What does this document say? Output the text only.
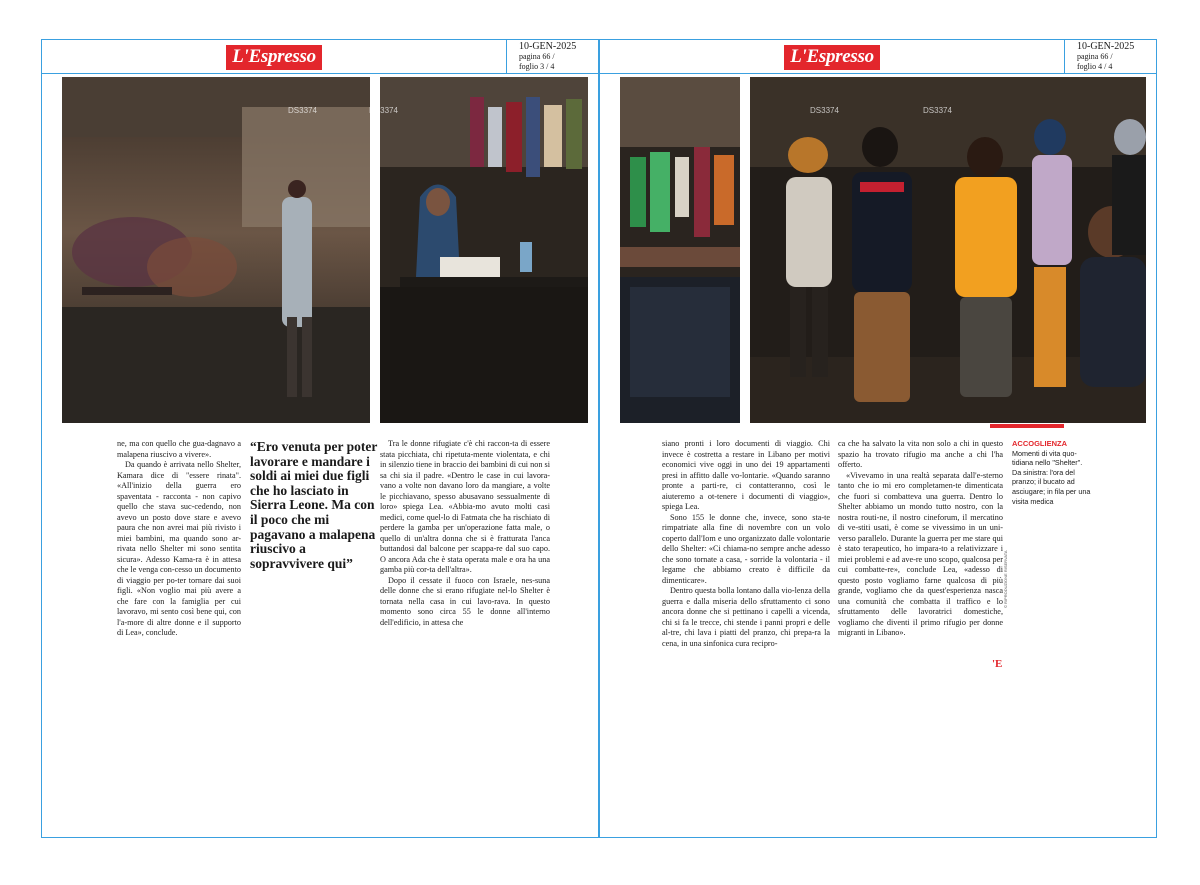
L'Espresso	10-GEN-2025
pagina 66 /
foglio 3 / 4
DS3374	DS3374

ne, ma con quello che gua-dagnavo a malapena riuscivo a vivere».

Da quando è arrivata nello Shelter, Kamara dice di "essere rinata". «All'inizio della guerra ero spaventata - racconta - non capivo quello che stava suc-cedendo, non avevo un posto dove stare e avevo paura che non avrei mai più rivisto i miei bambini, ma quando sono ar-rivata nello Shelter mi sono sentita sicura». Adesso Kama-ra è in attesa che le venga con-cesso un documento di viaggio per po-ter tornare dai suoi figli. «Non voglio mai più avere a che fare con la famiglia per cui lavoravo, mi sento così bene qui, con l'a-more di altre donne e il supporto di Lea», conclude.

“Ero venuta per poter lavorare e mandare i soldi ai miei due figli che ho lasciato in Sierra Leone. Ma con il poco che mi pagavano a malapena riuscivo a sopravvivere qui”

Tra le donne rifugiate c'è chi raccon-ta di essere stata picchiata, chi ripetuta-mente violentata, e chi in silenzio tiene in braccio dei bambini di cui non si sa chi sia il padre. «Dentro le case in cui lavora-vano a volte non davano loro da mangiare, a volte le picchiavano, spesso abusavano sessualmente di loro» spiega Lea. «Abbia-mo avuto molti casi medici, come quel-lo di Fatmata che ha rischiato di perdere la gamba per un'operazione fatta male, o quello di un'altra donna che si è fratturata l'anca buttandosi dal balcone per scappa-re dal suo capo. O ancora Ada che è stata operata male e ora ha una gamba più cor-ta dell'altra».

Dopo il cessate il fuoco con Israele, nes-suna delle donne che si erano rifugiate nel-lo Shelter è tornata nella casa in cui lavo-rava. In questo momento sono circa 55 le donne all'interno dell'edificio, in attesa che

L'Espresso	10-GEN-2025
pagina 66 /
foglio 4 / 4
DS3374	DS3374

siano pronti i loro documenti di viaggio. Chi invece è costretta a restare in Libano per motivi economici vive oggi in uno dei 19 appartamenti presi in affitto dalle vo-lontarie. «Quando saranno pronte a parti-re, ci contatteranno, così le aiuteremo a ot-tenere i documenti di viaggio», spiega Lea.

Sono 155 le donne che, invece, sono sta-te rimpatriate alla fine di novembre con un volo coperto dall'Iom e uno organizzato dalle volontarie dello Shelter: «Ci chiama-no sempre anche adesso che sono tornate a casa, - sorride la volontaria - il legame che abbiamo creato è difficile da dimenticare».

Dentro questa bolla lontano dalla vio-lenza della guerra e dalla miseria dello sfruttamento ci sono ancora donne che si pettinano i capelli a vicenda, chi si fa le trecce, chi stende i panni propri e delle al-tre, chi lava i piatti del pranzo, chi prepa-ra la cena, in una sinfonica cura recipro-

ca che ha salvato la vita non solo a chi in questo spazio ha trovato rifugio ma anche a chi l'ha offerto.

«Vivevamo in una realtà separata dall'e-sterno tanto che io mi ero completamen-te dimenticata che fuori si combatteva una guerra. Dentro lo Shelter abbiamo un mondo tutto nostro, con la nostra routi-ne, il nostro cineforum, il mercatino di ve-stiti usati, è come se vivessimo in un uni-verso parallelo. Durante la guerra per me stare qui è stato terapeutico, ho impara-to a relativizzare i miei problemi e ad ave-re uno scopo, qualcosa per cui combatte-re», conclude Lea, «adesso di questo posto vogliamo farne qualcosa di più grande, vogliamo che da quest'esperienza nasca una comunità che combatta il traffico e lo sfruttamento delle lavoratrici domestiche, vogliamo che diventi il primo rifugio per donne migranti in Libano».

'E
© RIPRODUZIONE RISERVATA
ACCOGLIENZA
Momenti di vita quo-tidiana nello "Shelter". Da sinistra: l'ora del pranzo; il bucato ad asciugare; in fila per una visita medica
